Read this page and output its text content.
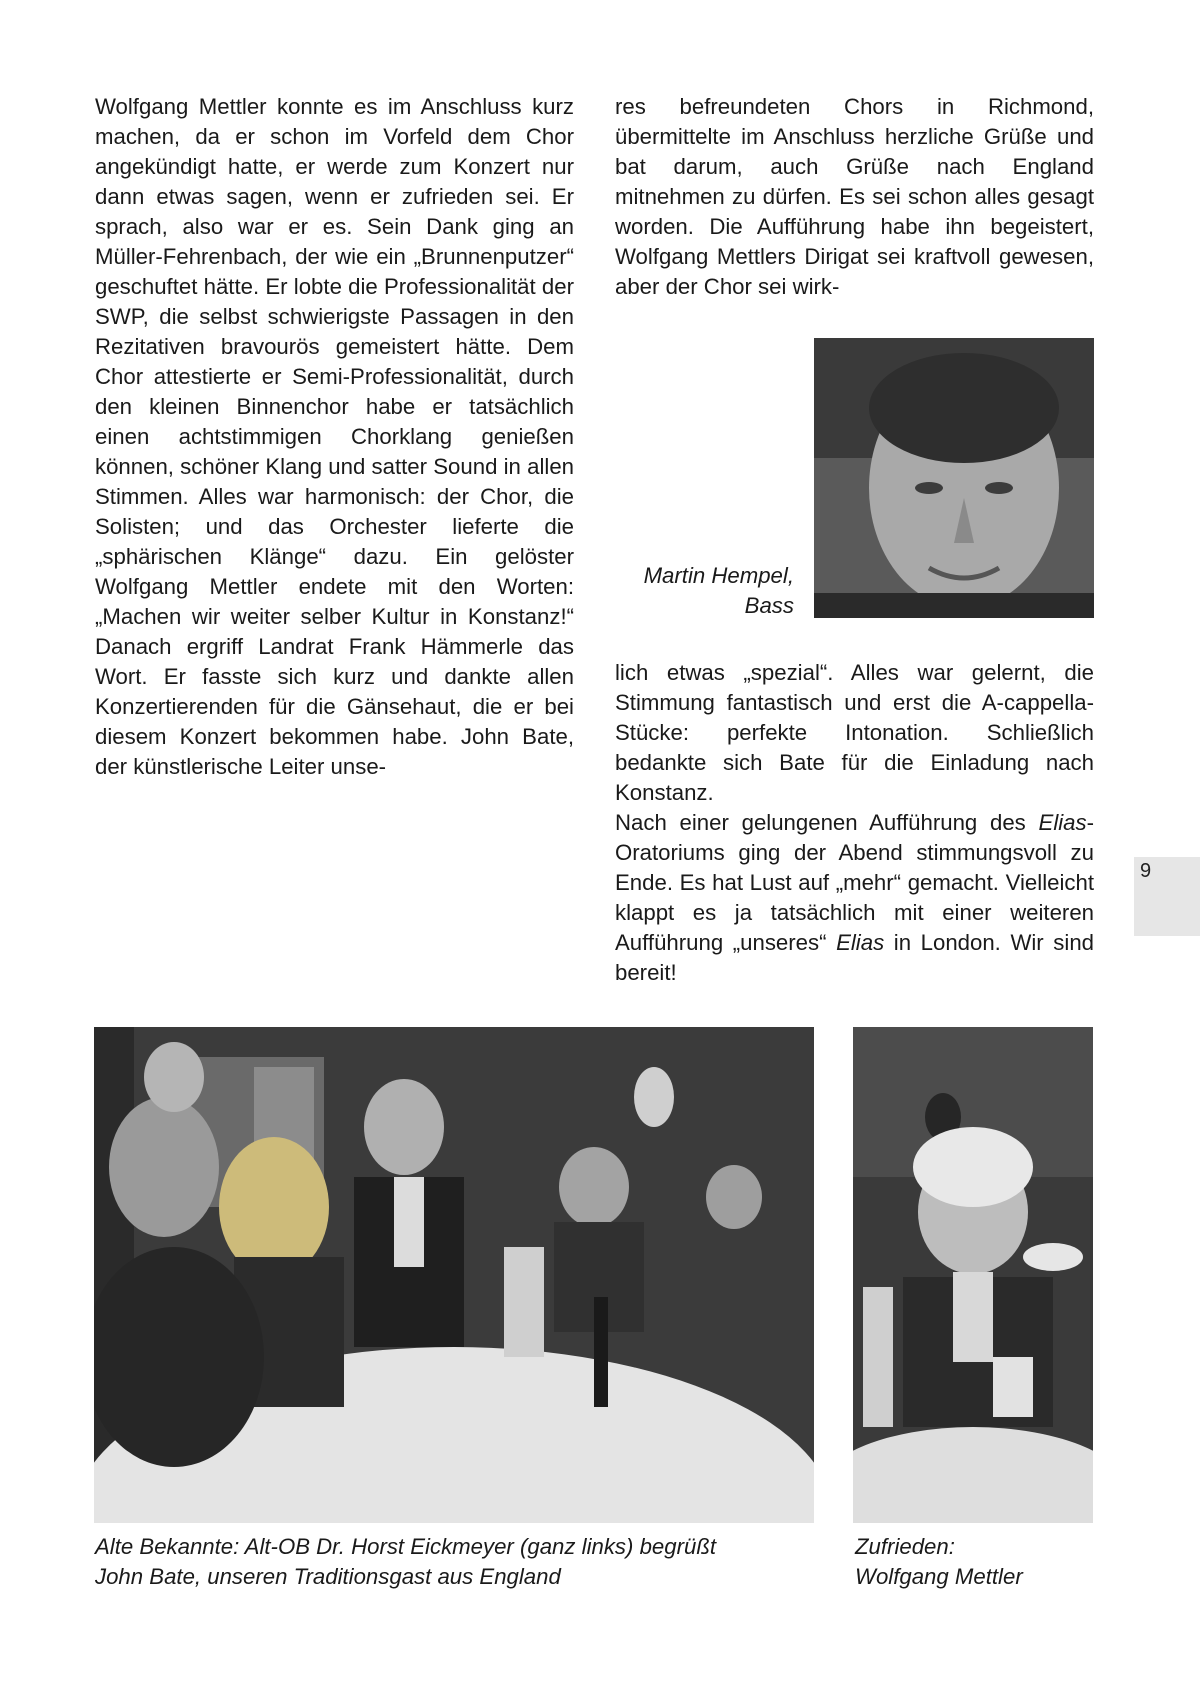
Wolfgang Mettler konnte es im Anschluss kurz machen, da er schon im Vorfeld dem Chor angekündigt hatte, er werde zum Konzert nur dann etwas sagen, wenn er zufrieden sei. Er sprach, also war er es. Sein Dank ging an Müller-Fehrenbach, der wie ein „Brunnenputzer“ geschuftet hätte. Er lobte die Professionalität der SWP, die selbst schwierigste Passagen in den Rezitativen bravourös gemeistert hätte. Dem Chor attestierte er Semi-Professionalität, durch den kleinen Binnenchor habe er tatsächlich einen achtstimmigen Chorklang genießen können, schöner Klang und satter Sound in allen Stimmen. Alles war harmonisch: der Chor, die Solisten; und das Orchester lieferte die „sphärischen Klänge“ dazu. Ein gelöster Wolfgang Mettler endete mit den Worten: „Machen wir weiter selber Kultur in Konstanz!“ Danach ergriff Landrat Frank Hämmerle das Wort. Er fasste sich kurz und dankte allen Konzertierenden für die Gänsehaut, die er bei diesem Konzert bekommen habe. John Bate, der künstlerische Leiter unse-

res befreundeten Chors in Richmond, übermittelte im Anschluss herzliche Grüße und bat darum, auch Grüße nach England mitnehmen zu dürfen. Es sei schon alles gesagt worden. Die Aufführung habe ihn begeistert, Wolfgang Mettlers Dirigat sei kraftvoll gewesen, aber der Chor sei wirk-

Martin Hempel,
Bass

lich etwas „spezial“. Alles war gelernt, die Stimmung fantastisch und erst die A-cappella-Stücke: perfekte Intonation. Schließlich bedankte sich Bate für die Einladung nach Konstanz.

Nach einer gelungenen Aufführung des Elias-Oratoriums ging der Abend stimmungsvoll zu Ende. Es hat Lust auf „mehr“ gemacht. Vielleicht klappt es ja tatsächlich mit einer weiteren Aufführung „unseres“ Elias in London. Wir sind bereit!

9

Alte Bekannte: Alt-OB Dr. Horst Eickmeyer (ganz links) begrüßt
John Bate, unseren Traditionsgast aus England

Zufrieden:
Wolfgang Mettler
